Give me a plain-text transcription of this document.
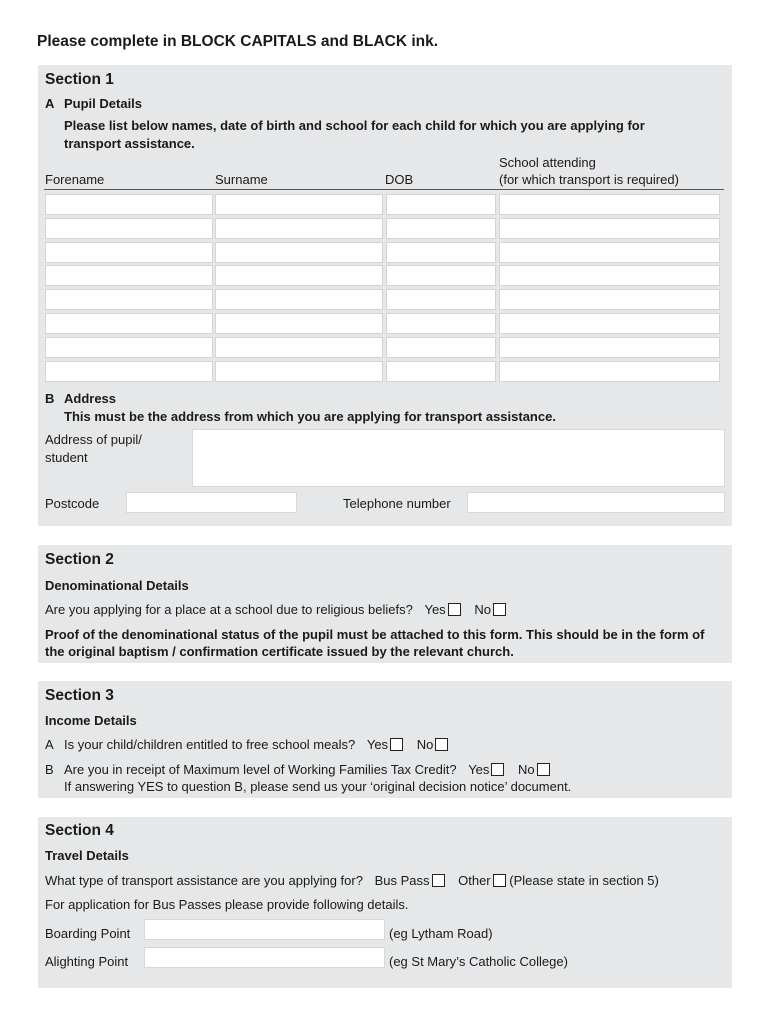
Please complete in BLOCK CAPITALS and BLACK ink.
Section 1
A Pupil Details
Please list below names, date of birth and school for each child for which you are applying for transport assistance.
School attending
Forename	Surname	DOB	(for which transport is required)
B Address
This must be the address from which you are applying for transport assistance.
Address of pupil/
student
Postcode	Telephone number
Section 2
Denominational Details
Are you applying for a place at a school due to religious beliefs? Yes No
Proof of the denominational status of the pupil must be attached to this form. This should be in the form of
the original baptism / confirmation certificate issued by the relevant church.
Section 3
Income Details
A Is your child/children entitled to free school meals? Yes No
B Are you in receipt of Maximum level of Working Families Tax Credit? Yes No
If answering YES to question B, please send us your ‘original decision notice’ document.
Section 4
Travel Details
What type of transport assistance are you applying for? Bus Pass Other (Please state in section 5)
For application for Bus Passes please provide following details.
Boarding Point	(eg Lytham Road)
Alighting Point	(eg St Mary’s Catholic College)
